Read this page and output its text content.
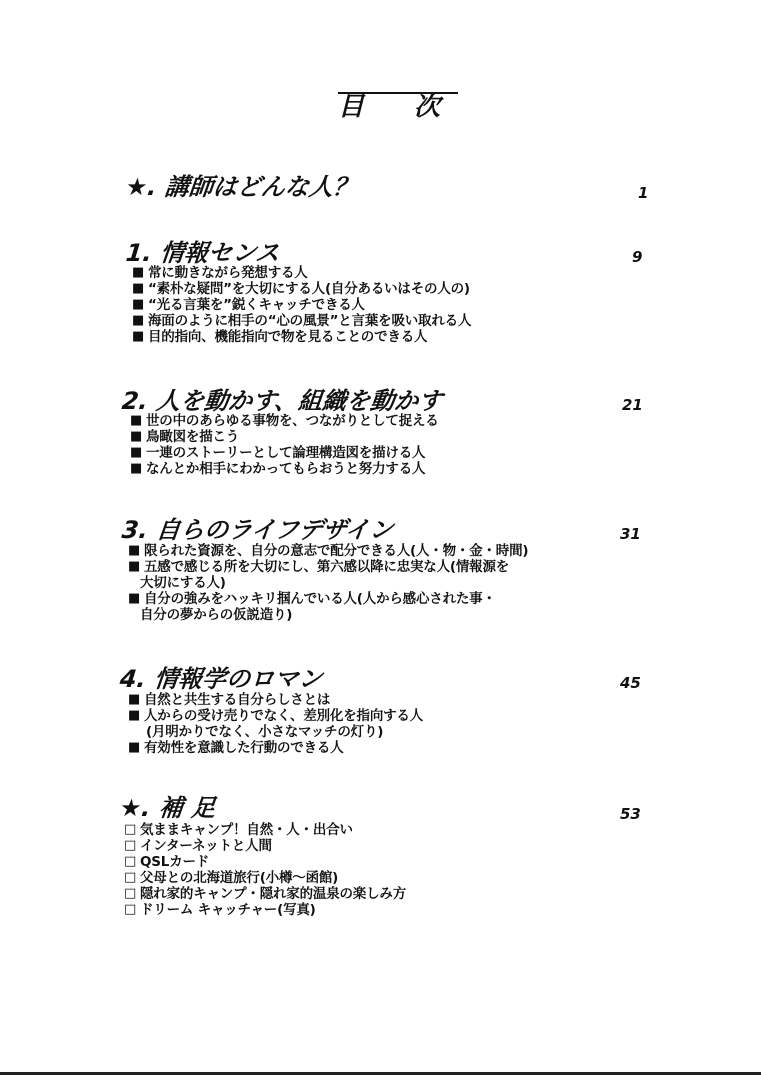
目 次
★. 講師はどんな人？	1
1. 情報センス	9
■ 常に動きながら発想する人
■ “素朴な疑問”を大切にする人(自分あるいはその人の)
■ “光る言葉を”鋭くキャッチできる人
■ 海面のように相手の“心の風景”と言葉を吸い取れる人
■ 目的指向、機能指向で物を見ることのできる人
2. 人を動かす、組織を動かす	21
■ 世の中のあらゆる事物を、つながりとして捉える
■ 鳥瞰図を描こう
■ 一連のストーリーとして論理構造図を描ける人
■ なんとか相手にわかってもらおうと努力する人
3. 自らのライフデザイン	31
■ 限られた資源を、自分の意志で配分できる人(人・物・金・時間)
■ 五感で感じる所を大切にし、第六感以降に忠実な人(情報源を
大切にする人)
■ 自分の強みをハッキリ掴んでいる人(人から感心された事・
自分の夢からの仮説造り)
4. 情報学のロマン	45
■ 自然と共生する自分らしさとは
■ 人からの受け売りでなく、差別化を指向する人
(月明かりでなく、小さなマッチの灯り)
■ 有効性を意識した行動のできる人
★. 補 足	53
□ 気ままキャンプ！自然・人・出合い
□ インターネットと人間
□ QSLカード
□ 父母との北海道旅行(小樽～函館)
□ 隠れ家的キャンプ・隠れ家的温泉の楽しみ方
□ ドリーム キャッチャー(写真)
